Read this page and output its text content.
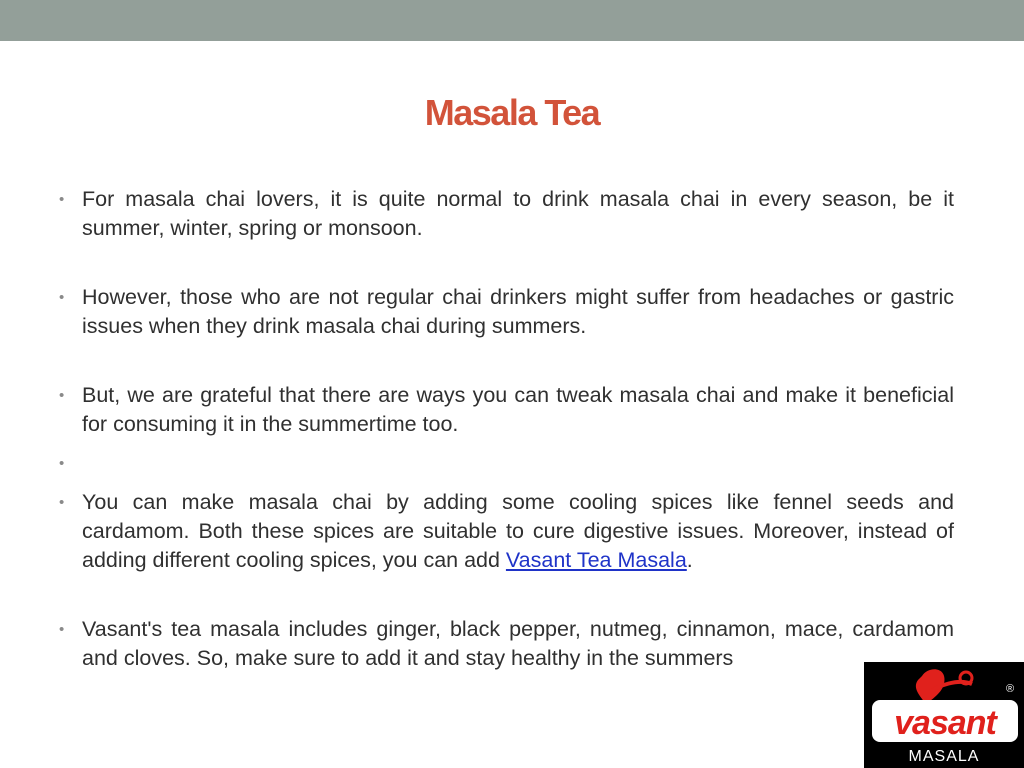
Masala Tea

• For masala chai lovers, it is quite normal to drink masala chai in every season, be it summer, winter, spring or monsoon.

• However, those who are not regular chai drinkers might suffer from headaches or gastric issues when they drink masala chai during summers.

• But, we are grateful that there are ways you can tweak masala chai and make it beneficial for consuming it in the summertime too.

•

• You can make masala chai by adding some cooling spices like fennel seeds and cardamom. Both these spices are suitable to cure digestive issues. Moreover, instead of adding different cooling spices, you can add Vasant Tea Masala.

• Vasant's tea masala includes ginger, black pepper, nutmeg, cinnamon, mace, cardamom and cloves. So, make sure to add it and stay healthy in the summers

vasant
®
MASALA
